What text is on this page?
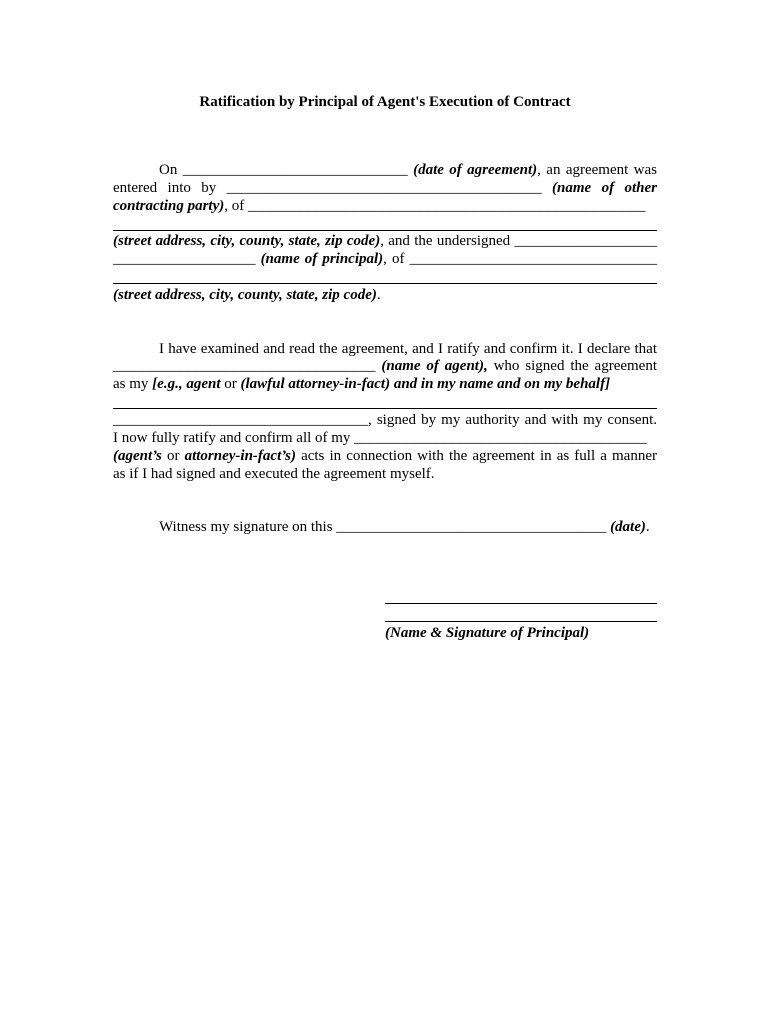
Ratification by Principal of Agent's Execution of Contract
On ______________________________ (date of agreement), an agreement was
entered into by __________________________________________ (name of other
contracting party), of _____________________________________________________
(street address, city, county, state, zip code), and the undersigned ___________________
___________________ (name of principal), of _________________________________
(street address, city, county, state, zip code).
I have examined and read the agreement, and I ratify and confirm it. I declare that
___________________________________ (name of agent), who signed the agreement
as my [e.g., agent or (lawful attorney-in-fact) and in my name and on my behalf]
__________________________________, signed by my authority and with my consent.
I now fully ratify and confirm all of my _______________________________________
(agent’s or attorney-in-fact’s) acts in connection with the agreement in as full a manner
as if I had signed and executed the agreement myself.
Witness my signature on this ____________________________________ (date).
(Name & Signature of Principal)
